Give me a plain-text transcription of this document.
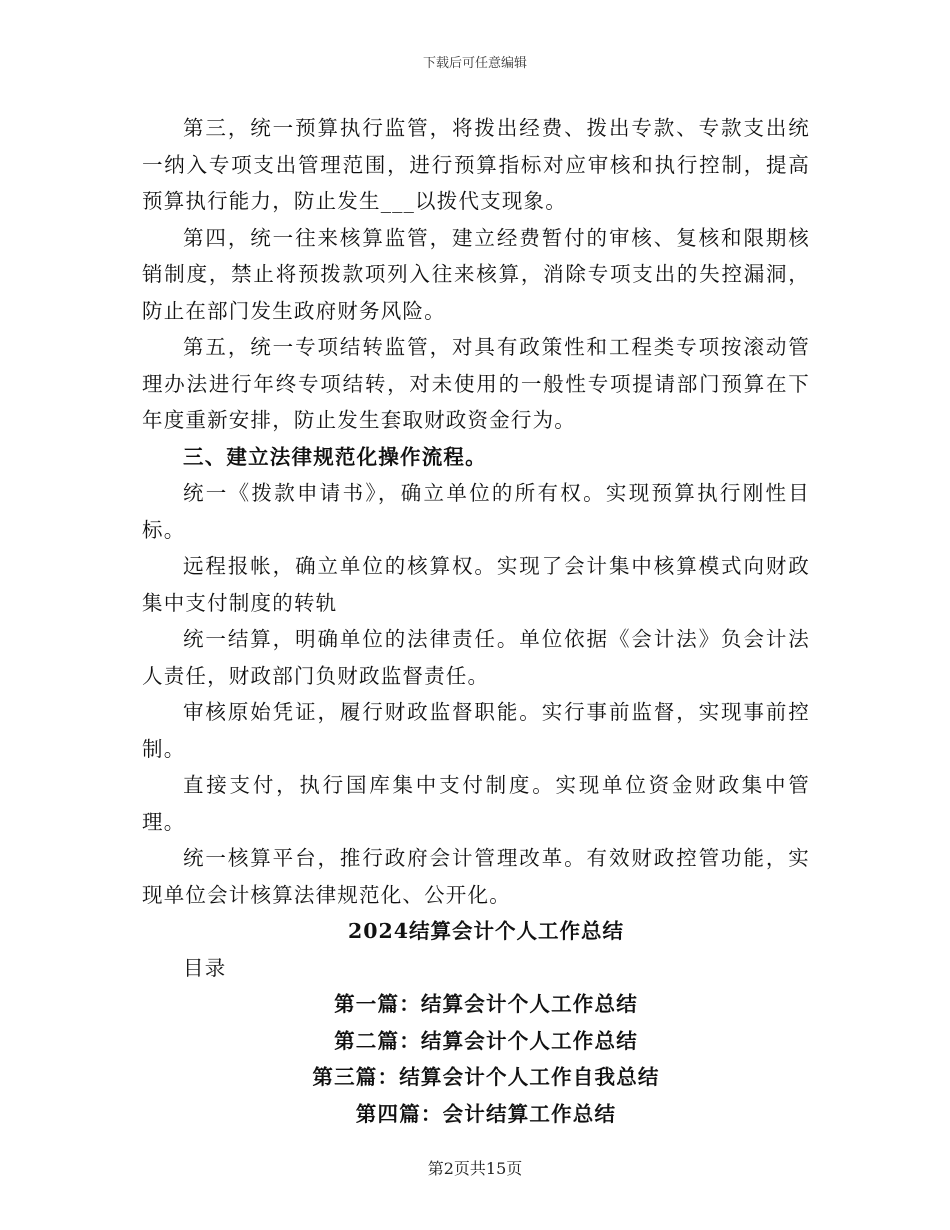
下载后可任意编辑

第三，统一预算执行监管，将拨出经费、拨出专款、专款支出统一纳入专项支出管理范围，进行预算指标对应审核和执行控制，提高预算执行能力，防止发生___以拨代支现象。

第四，统一往来核算监管，建立经费暂付的审核、复核和限期核销制度，禁止将预拨款项列入往来核算，消除专项支出的失控漏洞，防止在部门发生政府财务风险。

第五，统一专项结转监管，对具有政策性和工程类专项按滚动管理办法进行年终专项结转，对未使用的一般性专项提请部门预算在下年度重新安排，防止发生套取财政资金行为。

三、建立法律规范化操作流程。

统一《拨款申请书》，确立单位的所有权。实现预算执行刚性目标。

远程报帐，确立单位的核算权。实现了会计集中核算模式向财政集中支付制度的转轨

统一结算，明确单位的法律责任。单位依据《会计法》负会计法人责任，财政部门负财政监督责任。

审核原始凭证，履行财政监督职能。实行事前监督，实现事前控制。

直接支付，执行国库集中支付制度。实现单位资金财政集中管理。

统一核算平台，推行政府会计管理改革。有效财政控管功能，实现单位会计核算法律规范化、公开化。

2024结算会计个人工作总结

目录

第一篇：结算会计个人工作总结

第二篇：结算会计个人工作总结

第三篇：结算会计个人工作自我总结

第四篇：会计结算工作总结

第2页共15页
